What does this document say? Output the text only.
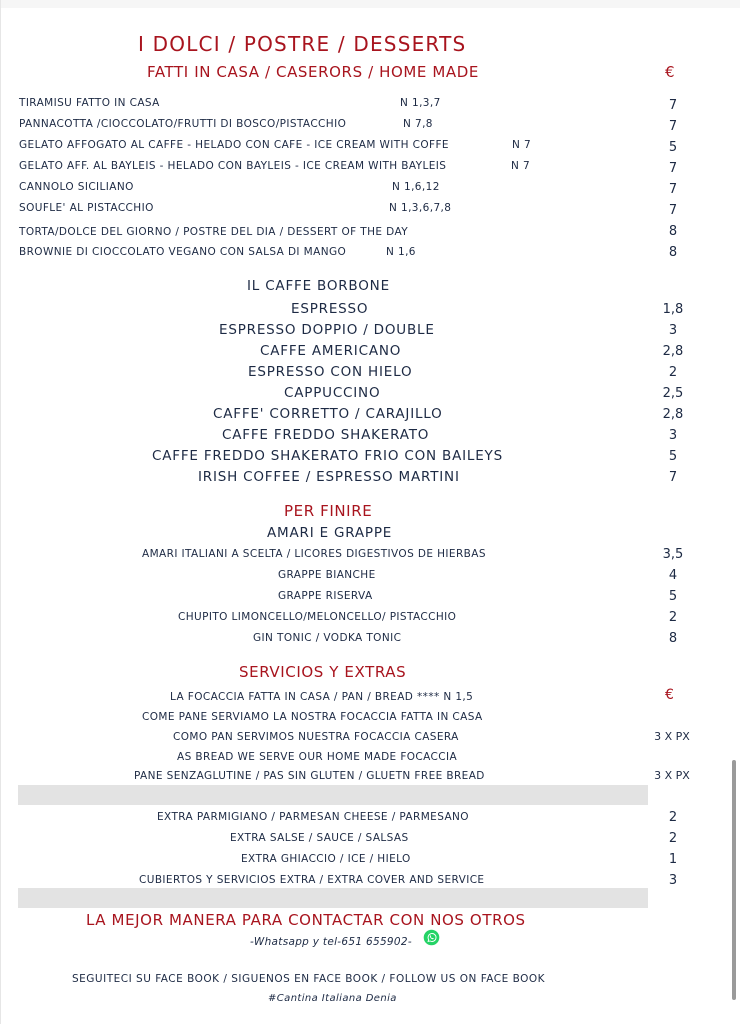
I DOLCI / POSTRE / DESSERTS
FATTI IN CASA / CASERORS / HOME MADE	€
TIRAMISU FATTO IN CASA	N 1,3,7	7
PANNACOTTA /CIOCCOLATO/FRUTTI DI BOSCO/PISTACCHIO	N 7,8	7
GELATO AFFOGATO AL CAFFE - HELADO CON CAFE - ICE CREAM WITH COFFE	N 7	5
GELATO AFF. AL BAYLEIS - HELADO CON BAYLEIS - ICE CREAM WITH BAYLEIS	N 7	7
CANNOLO SICILIANO	N 1,6,12	7
SOUFLE' AL PISTACCHIO	N 1,3,6,7,8	7
TORTA/DOLCE DEL GIORNO / POSTRE DEL DIA / DESSERT OF THE DAY	8
BROWNIE DI CIOCCOLATO VEGANO CON SALSA DI MANGO	N 1,6	8
IL CAFFE BORBONE
ESPRESSO	1,8
ESPRESSO DOPPIO / DOUBLE	3
CAFFE AMERICANO	2,8
ESPRESSO CON HIELO	2
CAPPUCCINO	2,5
CAFFE' CORRETTO / CARAJILLO	2,8
CAFFE FREDDO SHAKERATO	3
CAFFE FREDDO SHAKERATO FRIO CON BAILEYS	5
IRISH COFFEE / ESPRESSO MARTINI	7
PER FINIRE
AMARI E GRAPPE
AMARI ITALIANI A SCELTA / LICORES DIGESTIVOS DE HIERBAS	3,5
GRAPPE BIANCHE	4
GRAPPE RISERVA	5
CHUPITO LIMONCELLO/MELONCELLO/ PISTACCHIO	2
GIN TONIC / VODKA TONIC	8
SERVICIOS Y EXTRAS
€
LA FOCACCIA FATTA IN CASA / PAN / BREAD **** N 1,5
COME PANE SERVIAMO LA NOSTRA FOCACCIA FATTA IN CASA
COMO PAN SERVIMOS NUESTRA FOCACCIA CASERA	3 X PX
AS BREAD WE SERVE OUR HOME MADE FOCACCIA
PANE SENZAGLUTINE / PAS SIN GLUTEN / GLUETN FREE BREAD	3 X PX
EXTRA PARMIGIANO / PARMESAN CHEESE / PARMESANO	2
EXTRA SALSE / SAUCE / SALSAS	2
EXTRA GHIACCIO / ICE / HIELO	1
CUBIERTOS Y SERVICIOS EXTRA / EXTRA COVER AND SERVICE	3
LA MEJOR MANERA PARA CONTACTAR CON NOS OTROS
-Whatsapp y tel-651 655902-
SEGUITECI SU FACE BOOK / SIGUENOS EN FACE BOOK / FOLLOW US ON FACE BOOK
#Cantina Italiana Denia
